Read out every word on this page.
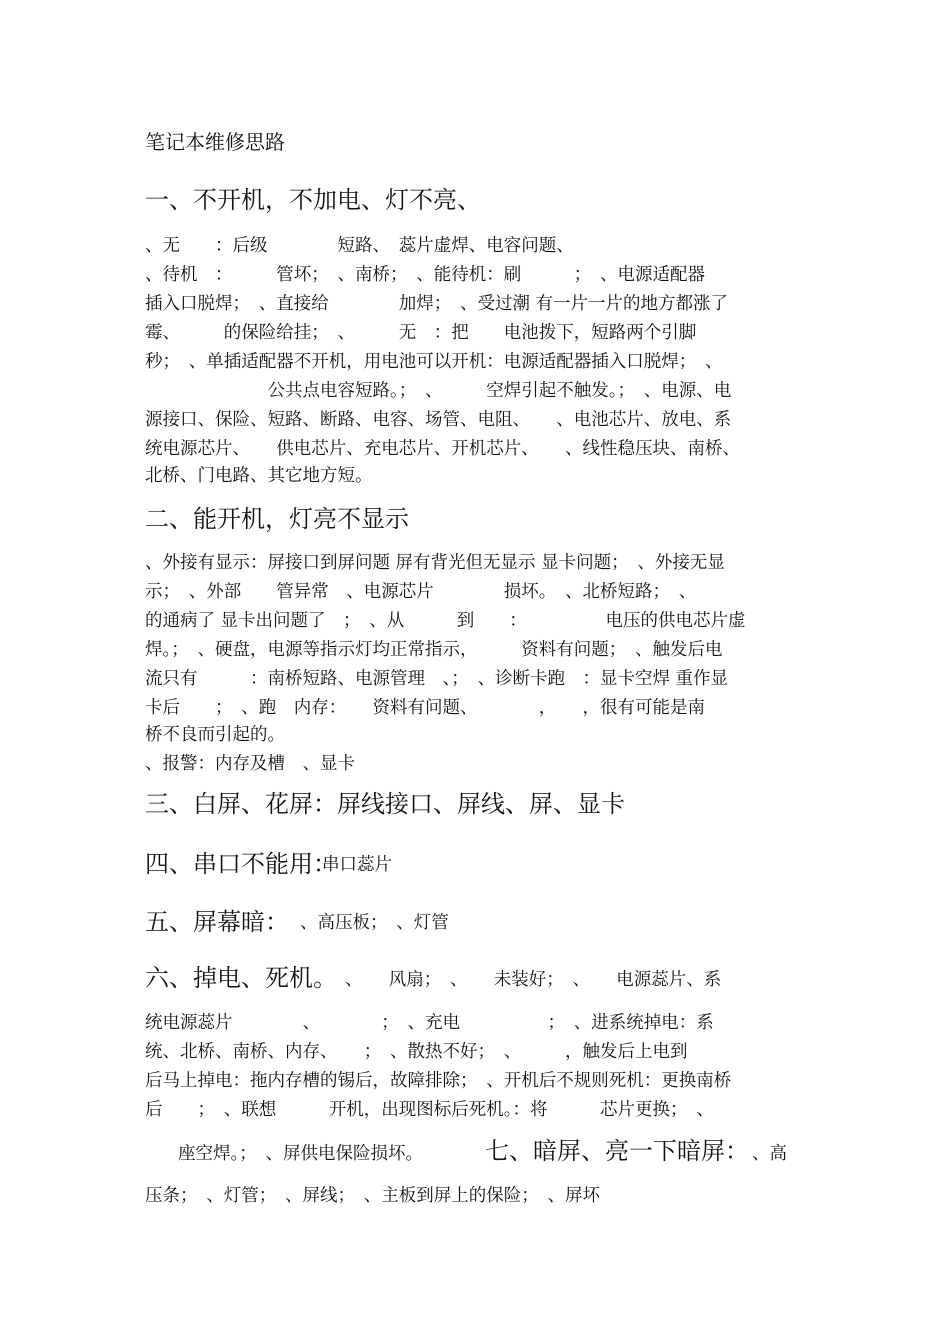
笔记本维修思路
一、不开机，不加电、灯不亮、
、无　　：后级　　　　短路、　蕊片虚焊、电容问题、
、待机　：　　　管坏；　、南桥；　、能待机：刷　　　；　、电源适配器
插入口脱焊；　、直接给　　　　加焊；　、受过潮 有一片一片的地方都涨了
霉、　　　的保险给挂；　、　　　无　：把　　电池拨下，短路两个引脚
秒；　、单插适配器不开机，用电池可以开机：电源适配器插入口脱焊；　、
　　　　　　　公共点电容短路。；　、　　　空焊引起不触发。；　、电源、电
源接口、保险、短路、断路、电容、场管、电阻、　　、电池芯片、放电、系
统电源芯片、　　供电芯片、充电芯片、开机芯片、　　、线性稳压块、南桥、
北桥、门电路、其它地方短。
二、能开机，灯亮不显示
、外接有显示：屏接口到屏问题 屏有背光但无显示 显卡问题；　、外接无显
示；　、外部　　管异常　、电源芯片　　　　损坏。　、北桥短路；　、
的通病了 显卡出问题了　；　、从　　　到　　：　　　　　电压的供电芯片虚
焊。；　、硬盘，电源等指示灯均正常指示，　　　资料有问题；　、触发后电
流只有　　　：南桥短路、电源管理　、；　、诊断卡跑　：显卡空焊 重作显
卡后　　；　、跑　内存：　　资料有问题、　　　　，　　，很有可能是南
桥不良而引起的。
、报警：内存及槽　、显卡
三、白屏、花屏：屏线接口、屏线、屏、显卡
四、串口不能用：
串口蕊片
五、屏幕暗： 、高压板；　、灯管
六、掉电、死机。 、　　风扇；　、　　未装好；　、　　电源蕊片、系
统电源蕊片　　　　、　　　　；　、充电　　　　　；　、进系统掉电：系
统、北桥、南桥、内存、　　；　、散热不好；　、　　　，触发后上电到
后马上掉电：拖内存槽的锡后，故障排除；　、开机后不规则死机：更换南桥
后　　；　、联想　　　开机，出现图标后死机。：将　　　芯片更换；　、
座空焊。；　、屏供电保险损坏。	七、暗屏、亮一下暗屏： 、高
压条；　、灯管；　、屏线；　、主板到屏上的保险；　、屏坏
